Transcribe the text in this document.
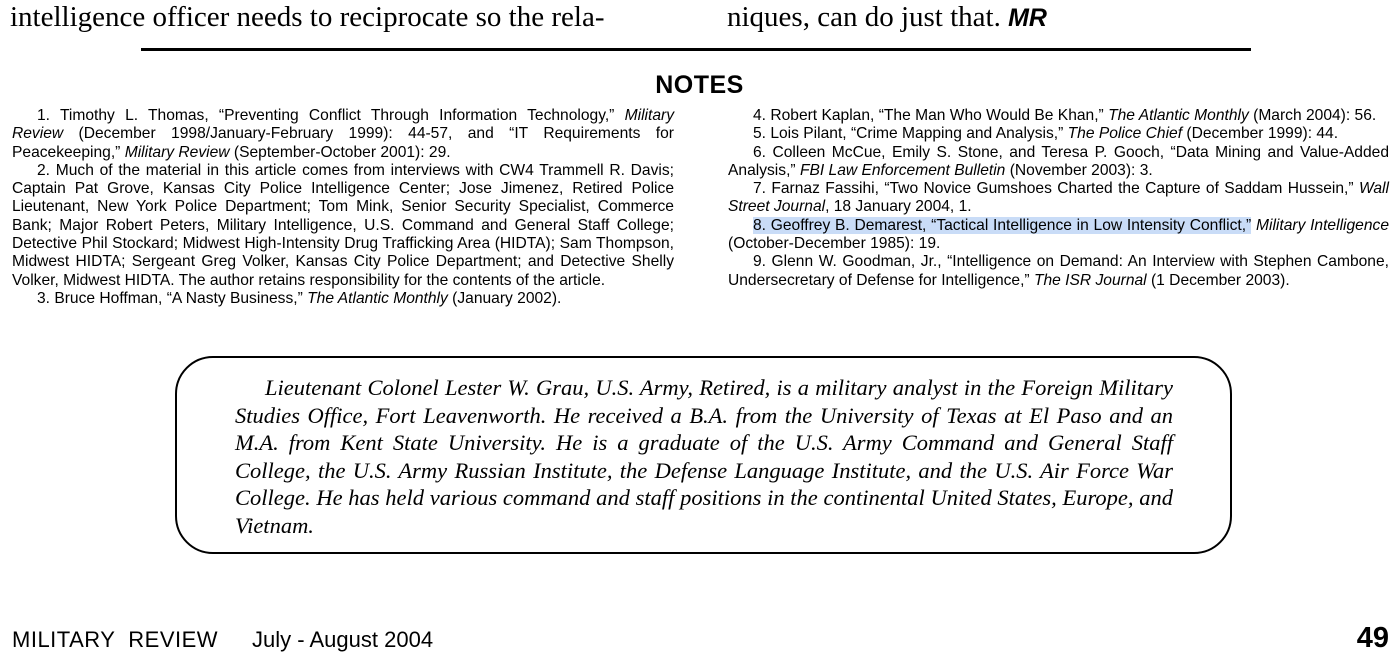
intelligence officer needs to reciprocate so the rela-	niques, can do just that. MR
NOTES

1. Timothy L. Thomas, “Preventing Conflict Through Information Technology,” Military Review (December 1998/January-February 1999): 44-57, and “IT Requirements for Peacekeeping,” Military Review (September-October 2001): 29.

2. Much of the material in this article comes from interviews with CW4 Trammell R. Davis; Captain Pat Grove, Kansas City Police Intelligence Center; Jose Jimenez, Retired Police Lieutenant, New York Police Department; Tom Mink, Senior Security Specialist, Commerce Bank; Major Robert Peters, Military Intelligence, U.S. Command and General Staff College; Detective Phil Stockard; Midwest High-Intensity Drug Trafficking Area (HIDTA); Sam Thompson, Midwest HIDTA; Sergeant Greg Volker, Kansas City Police Department; and Detective Shelly Volker, Midwest HIDTA. The author retains responsibility for the contents of the article.

3. Bruce Hoffman, “A Nasty Business,” The Atlantic Monthly (January 2002).

4. Robert Kaplan, “The Man Who Would Be Khan,” The Atlantic Monthly (March 2004): 56.

5. Lois Pilant, “Crime Mapping and Analysis,” The Police Chief (December 1999): 44.

6. Colleen McCue, Emily S. Stone, and Teresa P. Gooch, “Data Mining and Value-Added Analysis,” FBI Law Enforcement Bulletin (November 2003): 3.

7. Farnaz Fassihi, “Two Novice Gumshoes Charted the Capture of Saddam Hussein,” Wall Street Journal, 18 January 2004, 1.

8. Geoffrey B. Demarest, “Tactical Intelligence in Low Intensity Conflict,” Military Intelligence (October-December 1985): 19.

9. Glenn W. Goodman, Jr., “Intelligence on Demand: An Interview with Stephen Cambone, Undersecretary of Defense for Intelligence,” The ISR Journal (1 December 2003).

Lieutenant Colonel Lester W. Grau, U.S. Army, Retired, is a military analyst in the Foreign Military Studies Office, Fort Leavenworth. He received a B.A. from the University of Texas at El Paso and an M.A. from Kent State University. He is a graduate of the U.S. Army Command and General Staff College, the U.S. Army Russian Institute, the Defense Language Institute, and the U.S. Air Force War College. He has held various command and staff positions in the continental United States, Europe, and Vietnam.
MILITARY  REVIEW July - August 2004	49
